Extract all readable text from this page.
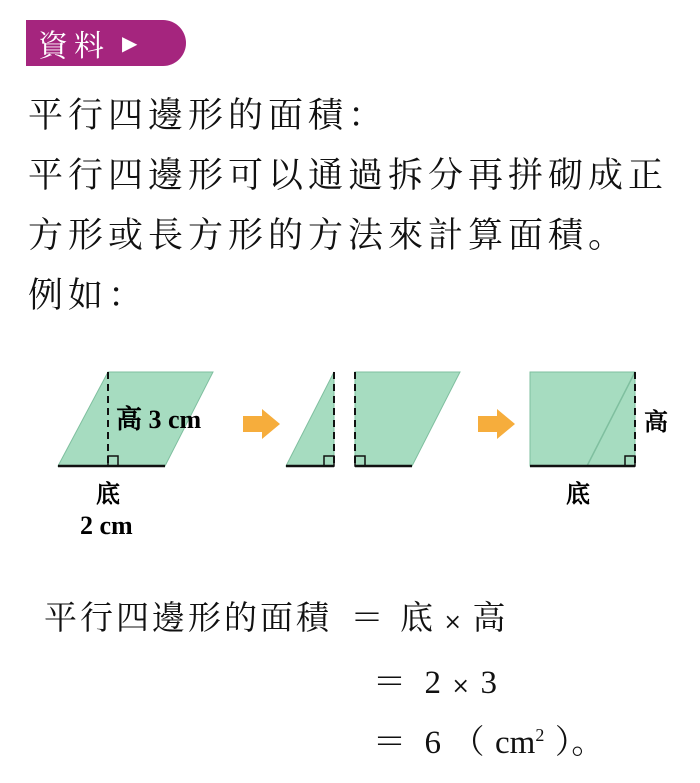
資料 ▶
平行四邊形的面積：
平行四邊形可以通過拆分再拼砌成正
方形或長方形的方法來計算面積。
例如：
高 3 cm
底
2 cm
高
底
平行四邊形的面積 ＝ 底 × 高
＝ 2 × 3
＝ 6 （ $cm^2$ ）。
